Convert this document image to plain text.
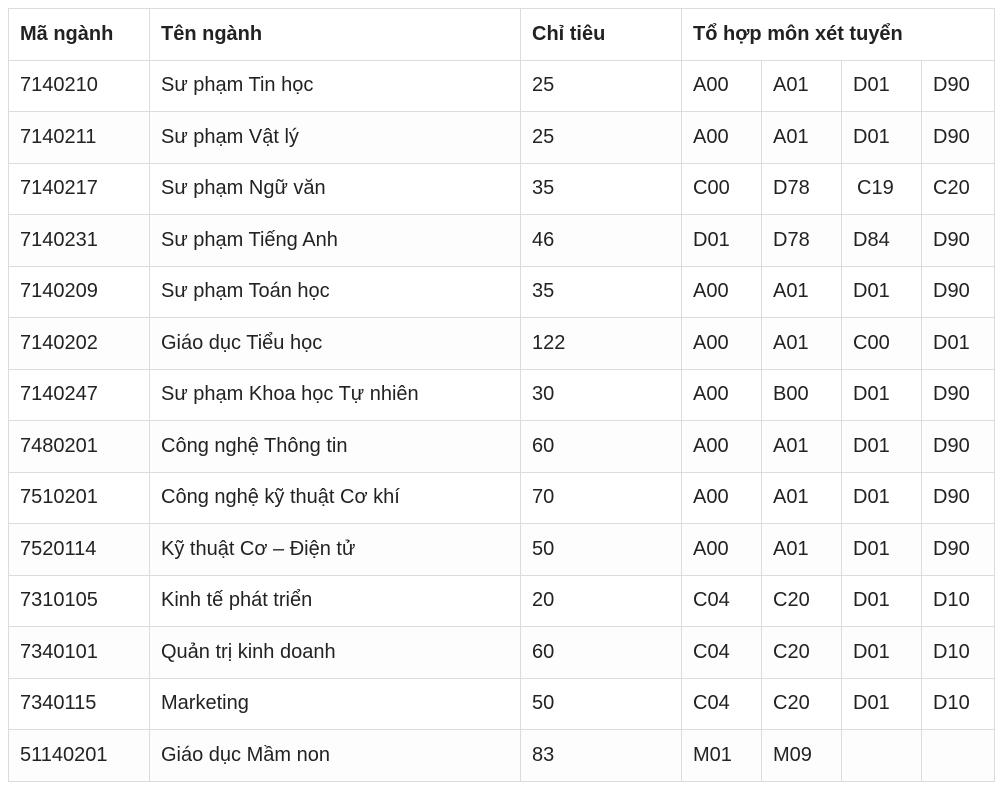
Mã ngành	Tên ngành	Chỉ tiêu	Tổ hợp môn xét tuyển			
7140210	Sư phạm Tin học	25	A00	A01	D01	D90
7140211	Sư phạm Vật lý	25	A00	A01	D01	D90
7140217	Sư phạm Ngữ văn	35	C00	D78	C19	C20
7140231	Sư phạm Tiếng Anh	46	D01	D78	D84	D90
7140209	Sư phạm Toán học	35	A00	A01	D01	D90
7140202	Giáo dục Tiểu học	122	A00	A01	C00	D01
7140247	Sư phạm Khoa học Tự nhiên	30	A00	B00	D01	D90
7480201	Công nghệ Thông tin	60	A00	A01	D01	D90
7510201	Công nghệ kỹ thuật Cơ khí	70	A00	A01	D01	D90
7520114	Kỹ thuật Cơ – Điện tử	50	A00	A01	D01	D90
7310105	Kinh tế phát triển	20	C04	C20	D01	D10
7340101	Quản trị kinh doanh	60	C04	C20	D01	D10
7340115	Marketing	50	C04	C20	D01	D10
51140201	Giáo dục Mầm non	83	M01	M09		
